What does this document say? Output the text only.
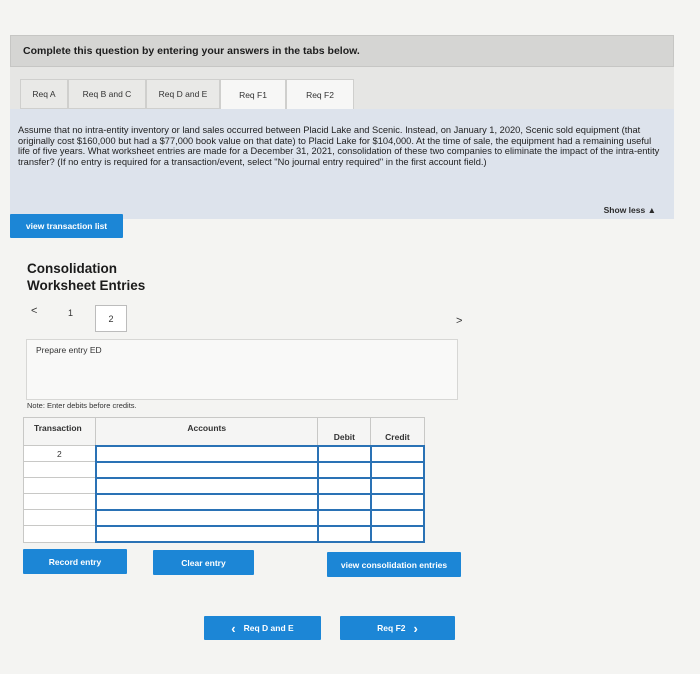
Complete this question by entering your answers in the tabs below.
Req A	Req B and C	Req D and E	Req F1	Req F2
Assume that no intra-entity inventory or land sales occurred between Placid Lake and Scenic. Instead, on January 1, 2020, Scenic sold equipment (that originally cost $160,000 but had a $77,000 book value on that date) to Placid Lake for $104,000. At the time of sale, the equipment had a remaining useful life of five years. What worksheet entries are made for a December 31, 2021, consolidation of these two companies to eliminate the impact of the intra-entity transfer? (If no entry is required for a transaction/event, select "No journal entry required" in the first account field.)
Show less ▲
view transaction list
Consolidation
Worksheet Entries
<	1
2	>
Prepare entry ED
Note: Enter debits before credits.
Transaction	Accounts	Debit	Credit
2			

Record entry	Clear entry	view consolidation entries
‹ Req D and E	Req F2 ›
